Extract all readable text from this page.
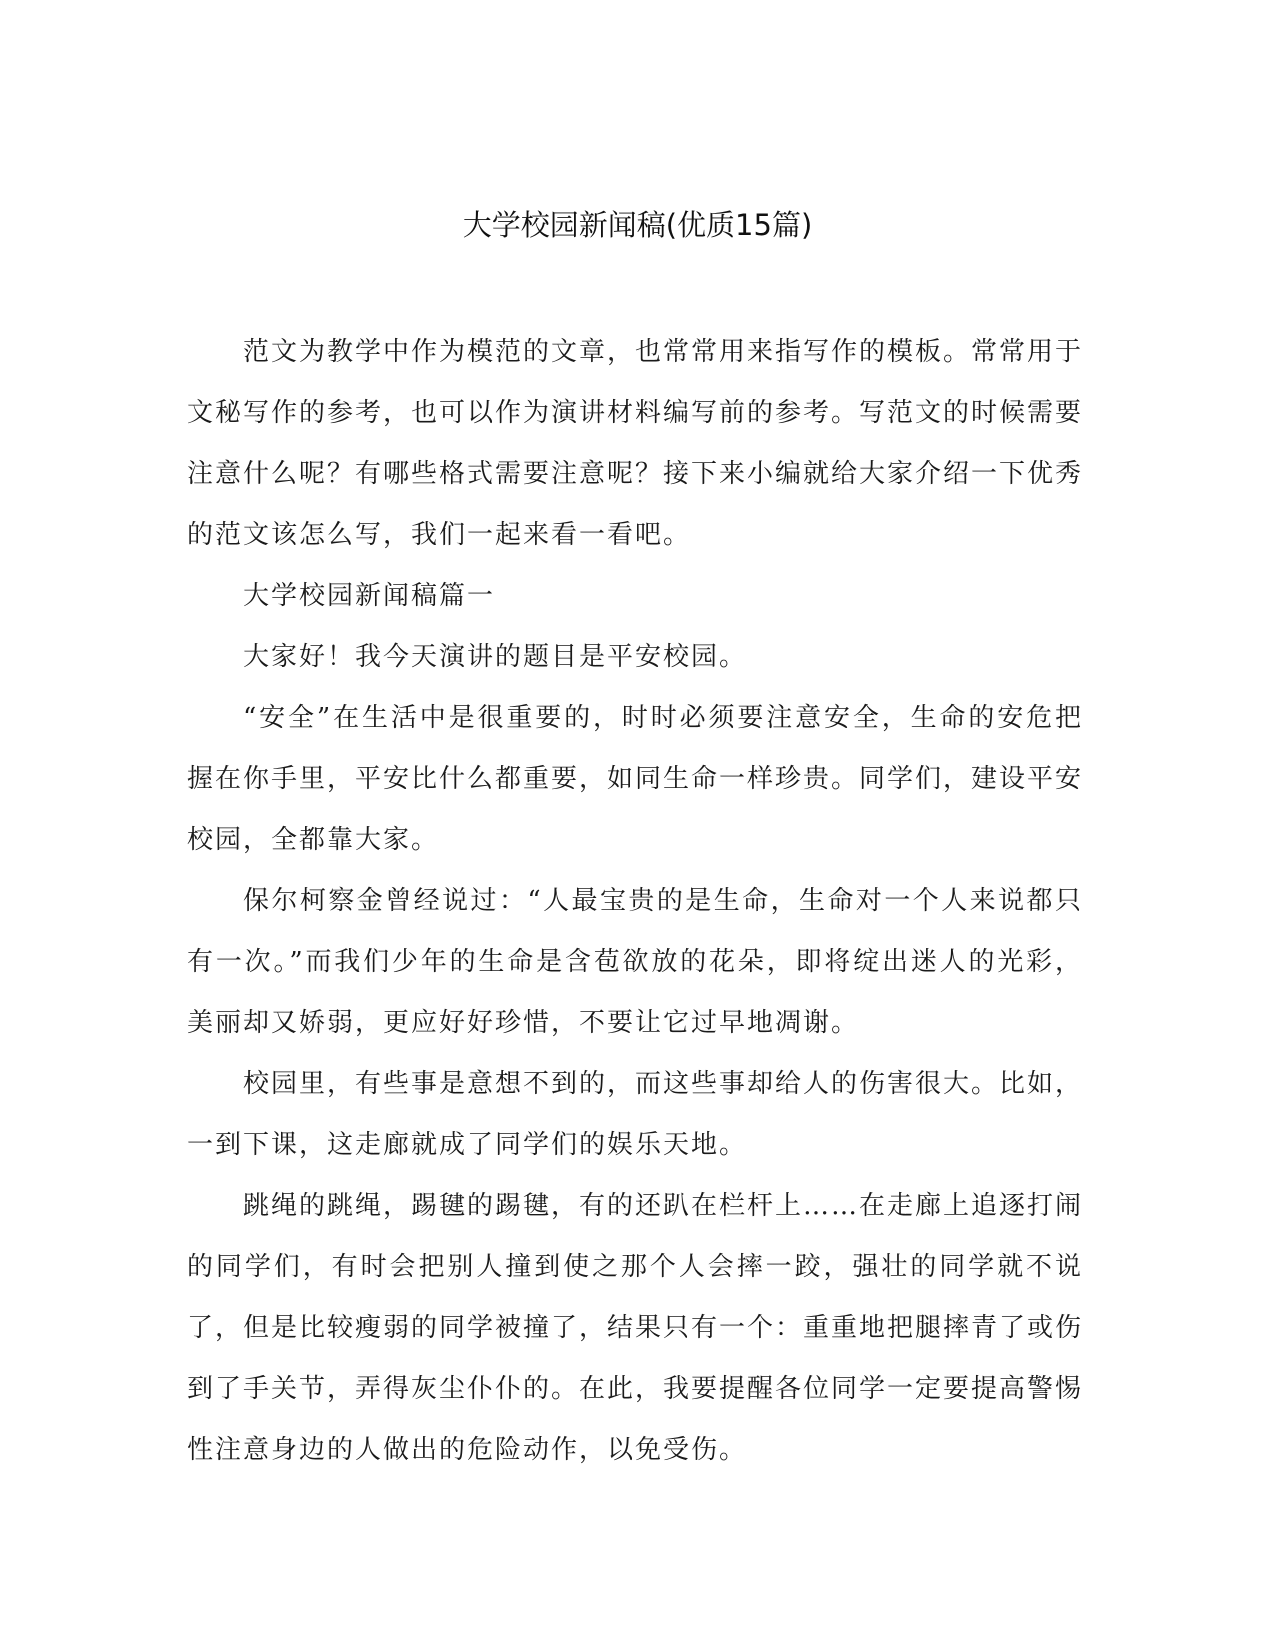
大学校园新闻稿(优质15篇)

范文为教学中作为模范的文章，也常常用来指写作的模板。常常用于文秘写作的参考，也可以作为演讲材料编写前的参考。写范文的时候需要注意什么呢？有哪些格式需要注意呢？接下来小编就给大家介绍一下优秀的范文该怎么写，我们一起来看一看吧。

大学校园新闻稿篇一

大家好！我今天演讲的题目是平安校园。

“安全”在生活中是很重要的，时时必须要注意安全，生命的安危把握在你手里，平安比什么都重要，如同生命一样珍贵。同学们，建设平安校园，全都靠大家。

保尔柯察金曾经说过：“人最宝贵的是生命，生命对一个人来说都只有一次。”而我们少年的生命是含苞欲放的花朵，即将绽出迷人的光彩，美丽却又娇弱，更应好好珍惜，不要让它过早地凋谢。

校园里，有些事是意想不到的，而这些事却给人的伤害很大。比如，一到下课，这走廊就成了同学们的娱乐天地。

跳绳的跳绳，踢毽的踢毽，有的还趴在栏杆上……在走廊上追逐打闹的同学们，有时会把别人撞到使之那个人会摔一跤，强壮的同学就不说了，但是比较瘦弱的同学被撞了，结果只有一个：重重地把腿摔青了或伤到了手关节，弄得灰尘仆仆的。在此，我要提醒各位同学一定要提高警惕性注意身边的人做出的危险动作，以免受伤。
